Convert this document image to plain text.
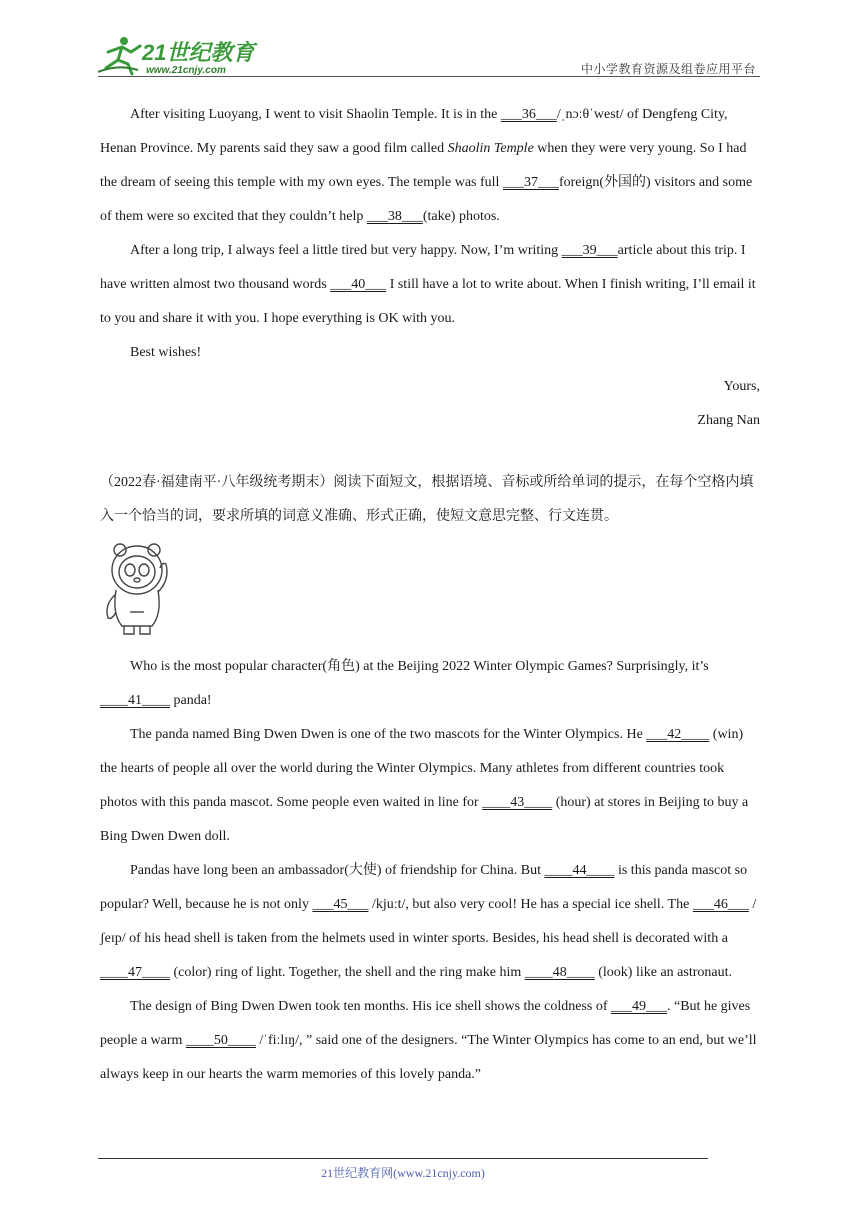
21世纪教育
www.21cnjy.com	中小学教育资源及组卷应用平台

After visiting Luoyang, I went to visit Shaolin Temple. It is in the ___36___/ˌnɔːθˈwest/ of Dengfeng City, Henan Province. My parents said they saw a good film called Shaolin Temple when they were very young. So I had the dream of seeing this temple with my own eyes. The temple was full ___37___foreign(外国的) visitors and some of them were so excited that they couldn’t help ___38___(take) photos.

After a long trip, I always feel a little tired but very happy. Now, I’m writing ___39___article about this trip. I have written almost two thousand words ___40___ I still have a lot to write about. When I finish writing, I’ll email it to you and share it with you. I hope everything is OK with you.

Best wishes!

Yours,

Zhang Nan

（2022春·福建南平·八年级统考期末）阅读下面短文，根据语境、音标或所给单词的提示，在每个空格内填入一个恰当的词，要求所填的词意义准确、形式正确，使短文意思完整、行文连贯。

Who is the most popular character(角色) at the Beijing 2022 Winter Olympic Games? Surprisingly, it’s ____41____ panda!

The panda named Bing Dwen Dwen is one of the two mascots for the Winter Olympics. He ___42____ (win) the hearts of people all over the world during the Winter Olympics. Many athletes from different countries took photos with this panda mascot. Some people even waited in line for ____43____ (hour) at stores in Beijing to buy a Bing Dwen Dwen doll.

Pandas have long been an ambassador(大使) of friendship for China. But ____44____ is this panda mascot so popular? Well, because he is not only ___45___ /kjuːt/, but also very cool! He has a special ice shell. The ___46___ /ʃeɪp/ of his head shell is taken from the helmets used in winter sports. Besides, his head shell is decorated with a ____47____ (color) ring of light. Together, the shell and the ring make him ____48____ (look) like an astronaut.

The design of Bing Dwen Dwen took ten months. His ice shell shows the coldness of ___49___. “But he gives people a warm ____50____ /ˈfiːlɪŋ/, ” said one of the designers. “The Winter Olympics has come to an end, but we’ll always keep in our hearts the warm memories of this lovely panda.”

21世纪教育网(www.21cnjy.com)
